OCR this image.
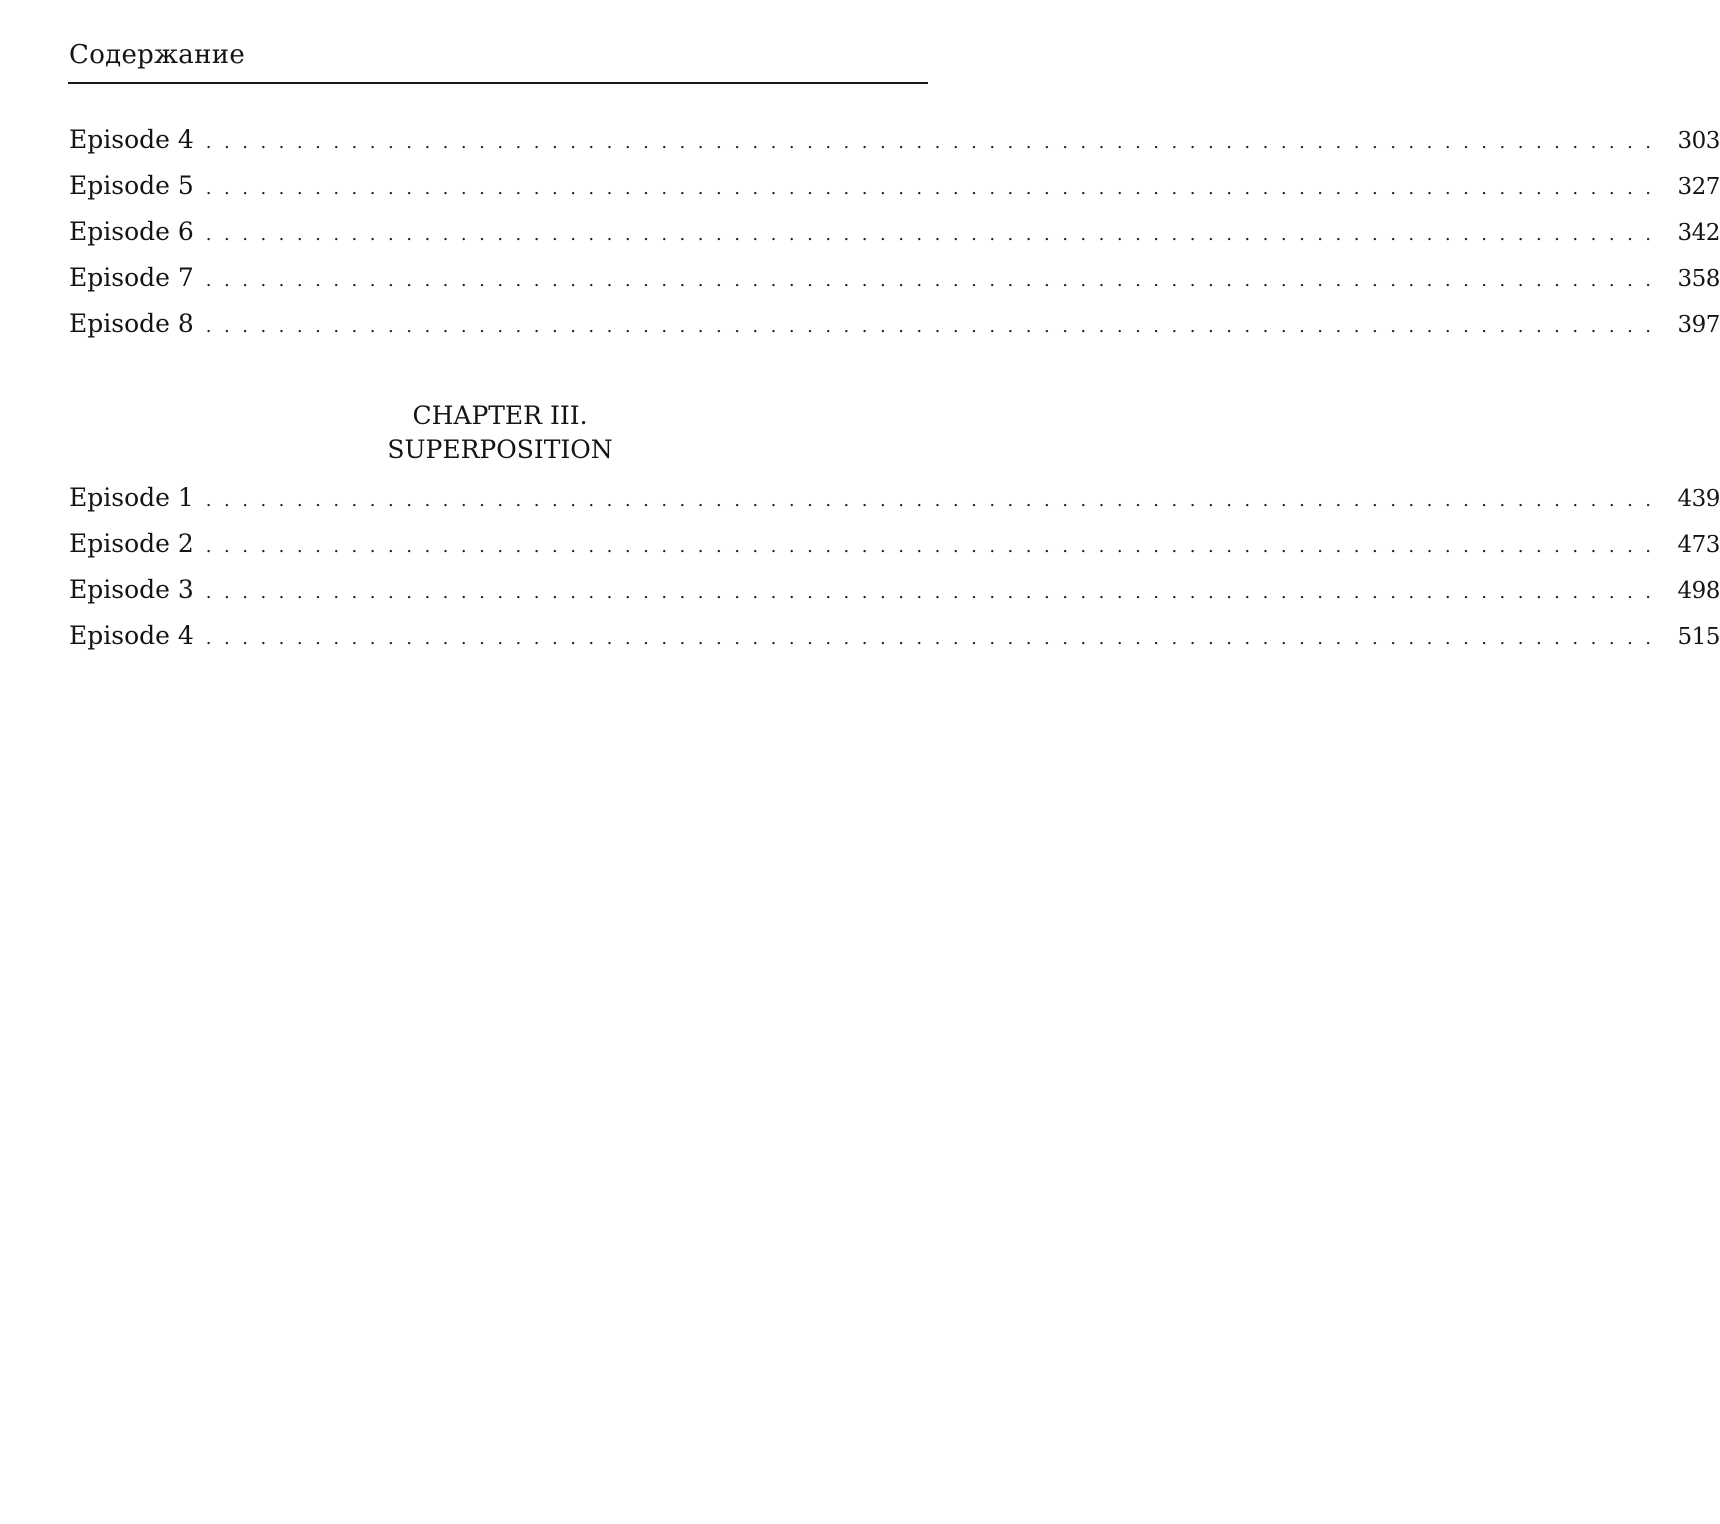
Содержание
Episode 4 ................................................................................ 303
Episode 5 ................................................................................ 327
Episode 6 ................................................................................ 342
Episode 7 ................................................................................ 358
Episode 8 ................................................................................ 397
CHAPTER III.
SUPERPOSITION
Episode 1 ................................................................................ 439
Episode 2 ................................................................................ 473
Episode 3 ................................................................................ 498
Episode 4 ................................................................................ 515
